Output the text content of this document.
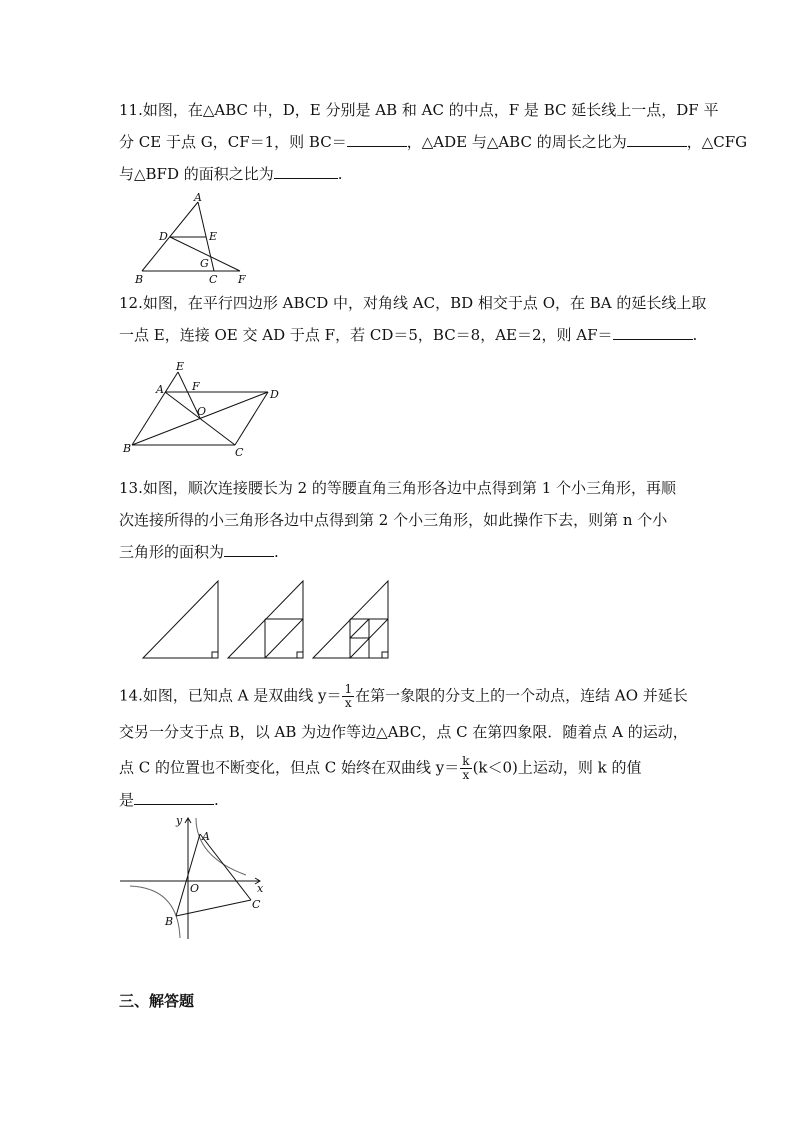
11.如图，在△ABC 中，D，E 分别是 AB 和 AC 的中点，F 是 BC 延长线上一点，DF 平
分 CE 于点 G，CF＝1，则 BC＝	，△ADE 与△ABC 的周长之比为	，△CFG
与△BFD 的面积之比为	.
A
B	C
D	E
F
G
12.如图，在平行四边形 ABCD 中，对角线 AC，BD 相交于点 O，在 BA 的延长线上取
一点 E，连接 OE 交 AD 于点 F，若 CD＝5，BC＝8，AE＝2，则 AF＝	.
E
A	F
O
D
B	C
13.如图，顺次连接腰长为 2 的等腰直角三角形各边中点得到第 1 个小三角形，再顺
次连接所得的小三角形各边中点得到第 2 个小三角形，如此操作下去，则第 n 个小
三角形的面积为	.
14.如图，已知点 A 是双曲线 $y= \frac{1}{x}$ 在第一象限的分支上的一个动点，连结 AO 并延长
交另一分支于点 B，以 AB 为边作等边△ABC，点 C 在第四象限．随着点 A 的运动，
点 C 的位置也不断变化，但点 C 始终在双曲线 $y= \frac{k}{x} (k<0)$上运动，则 k 的值
是	.
y
x
A
O
B
C
三、解答题
